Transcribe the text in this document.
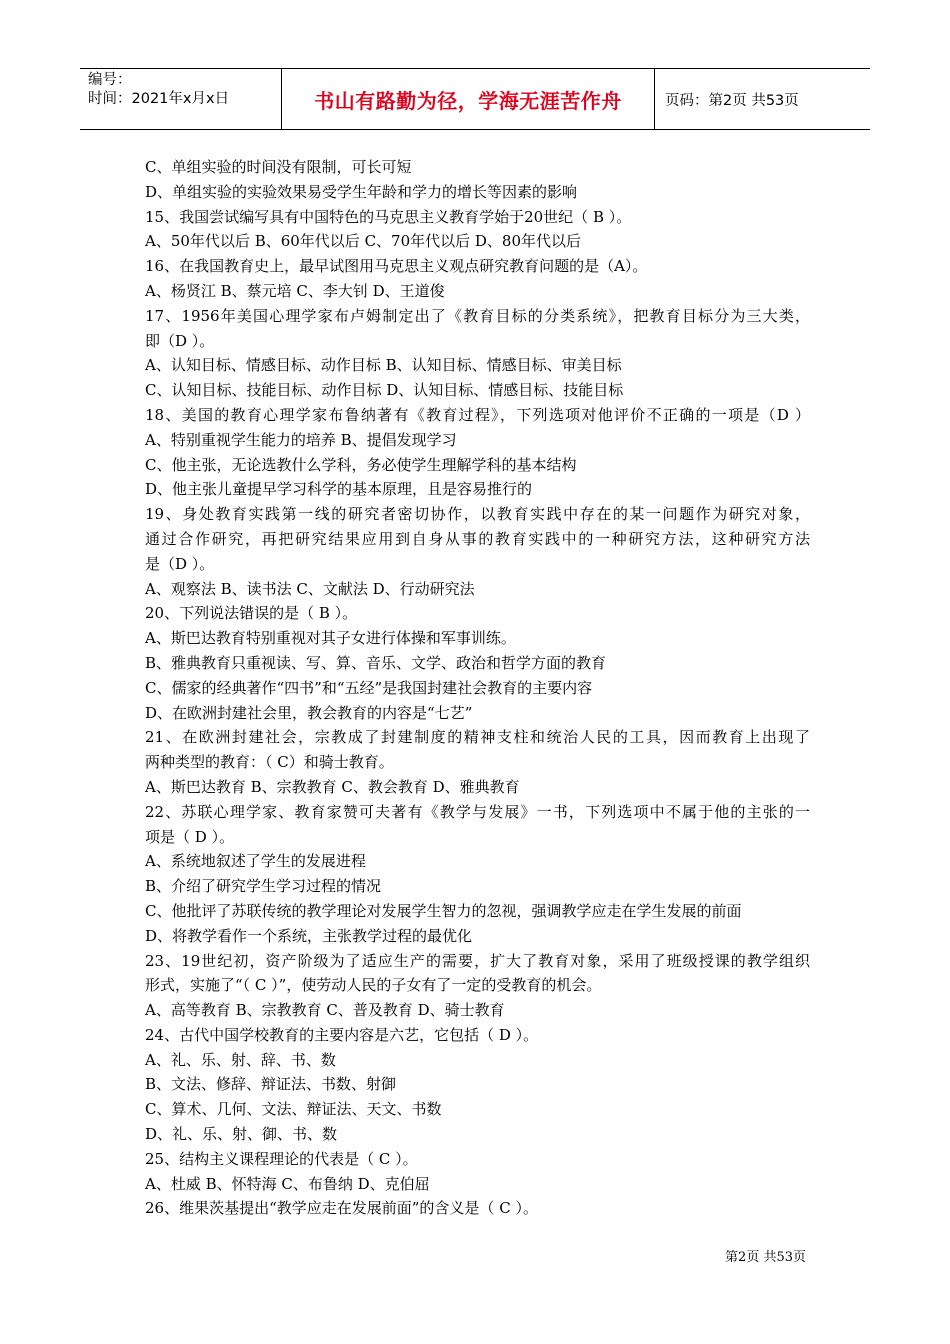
编号：
时间：2021年x月x日	书山有路勤为径，学海无涯苦作舟	页码：第2页 共53页
C、单组实验的时间没有限制，可长可短
D、单组实验的实验效果易受学生年龄和学力的增长等因素的影响
15、我国尝试编写具有中国特色的马克思主义教育学始于20世纪（ B ）。
A、50年代以后 B、60年代以后 C、70年代以后 D、80年代以后
16、在我国教育史上，最早试图用马克思主义观点研究教育问题的是（A）。
A、杨贤江 B、蔡元培 C、李大钊 D、王道俊
17、1956年美国心理学家布卢姆制定出了《教育目标的分类系统》，把教育目标分为三大类，
即（D ）。
A、认知目标、情感目标、动作目标 B、认知目标、情感目标、审美目标
C、认知目标、技能目标、动作目标 D、认知目标、情感目标、技能目标
18、美国的教育心理学家布鲁纳著有《教育过程》，下列选项对他评价不正确的一项是（D ）
A、特别重视学生能力的培养 B、提倡发现学习
C、他主张，无论选教什么学科，务必使学生理解学科的基本结构
D、他主张儿童提早学习科学的基本原理，且是容易推行的
19、身处教育实践第一线的研究者密切协作，以教育实践中存在的某一问题作为研究对象，
通过合作研究，再把研究结果应用到自身从事的教育实践中的一种研究方法，这种研究方法
是（D ）。
A、观察法 B、读书法 C、文献法 D、行动研究法
20、下列说法错误的是（ B ）。
A、斯巴达教育特别重视对其子女进行体操和军事训练。
B、雅典教育只重视读、写、算、音乐、文学、政治和哲学方面的教育
C、儒家的经典著作“四书”和“五经”是我国封建社会教育的主要内容
D、在欧洲封建社会里，教会教育的内容是“七艺”
21、在欧洲封建社会，宗教成了封建制度的精神支柱和统治人民的工具，因而教育上出现了
两种类型的教育：（ C）和骑士教育。
A、斯巴达教育 B、宗教教育 C、教会教育 D、雅典教育
22、苏联心理学家、教育家赞可夫著有《教学与发展》一书，下列选项中不属于他的主张的一
项是（ D ）。
A、系统地叙述了学生的发展进程
B、介绍了研究学生学习过程的情况
C、他批评了苏联传统的教学理论对发展学生智力的忽视，强调教学应走在学生发展的前面
D、将教学看作一个系统，主张教学过程的最优化
23、19世纪初，资产阶级为了适应生产的需要，扩大了教育对象，采用了班级授课的教学组织
形式，实施了“（ C ）”，使劳动人民的子女有了一定的受教育的机会。
A、高等教育 B、宗教教育 C、普及教育 D、骑士教育
24、古代中国学校教育的主要内容是六艺，它包括（ D ）。
A、礼、乐、射、辞、书、数
B、文法、修辞、辩证法、书数、射御
C、算术、几何、文法、辩证法、天文、书数
D、礼、乐、射、御、书、数
25、结构主义课程理论的代表是（ C ）。
A、杜威 B、怀特海 C、布鲁纳 D、克伯屈
26、维果茨基提出“教学应走在发展前面”的含义是（ C ）。
第2页 共53页
